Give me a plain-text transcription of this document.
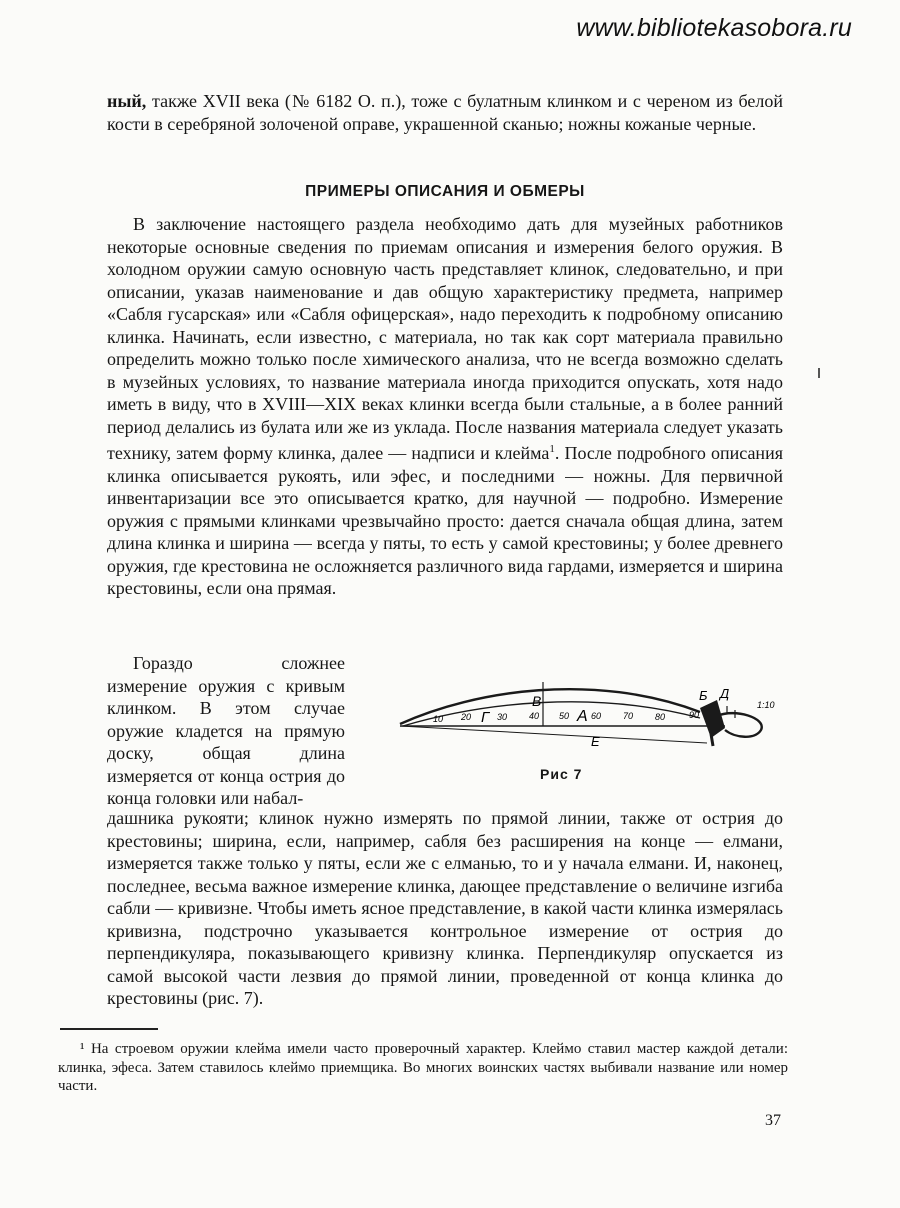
www.bibliotekasobora.ru

ный, также XVII века (№ 6182 О. п.), тоже с булатным клинком и с череном из белой кости в серебряной золоченой оправе, украшенной сканью; ножны кожаные черные.

ПРИМЕРЫ ОПИСАНИЯ И ОБМЕРЫ

В заключение настоящего раздела необходимо дать для музейных работников некоторые основные сведения по приемам описания и измерения белого оружия. В холодном оружии самую основную часть представляет клинок, следовательно, и при описании, указав наименование и дав общую характеристику предмета, например «Сабля гусарская» или «Сабля офицерская», надо переходить к подробному описанию клинка. Начинать, если известно, с материала, но так как сорт материала правильно определить можно только после химического анализа, что не всегда возможно сделать в музейных условиях, то название материала иногда приходится опускать, хотя надо иметь в виду, что в XVIII—XIX веках клинки всегда были стальные, а в более ранний период делались из булата или же из уклада. После названия материала следует указать технику, затем форму клинка, далее — надписи и клейма$^1$. После подробного описания клинка описывается рукоять, или эфес, и последними — ножны. Для первичной инвентаризации все это описывается кратко, для научной — подробно. Измерение оружия с прямыми клинками чрезвычайно просто: дается сначала общая длина, затем длина клинка и ширина — всегда у пяты, то есть у самой крестовины; у более древнего оружия, где крестовина не осложняется различного вида гардами, измеряется и ширина крестовины, если она прямая.

Гораздо сложнее измерение оружия с кривым клинком. В этом случае оружие кладется на прямую доску, общая длина измеряется от конца острия до конца головки или набал-

10 20	30 40 50 60 70 80	90
Г
В
А
Е
Б Д
1:10
Рис 7

дашника рукояти; клинок нужно измерять по прямой линии, также от острия до крестовины; ширина, если, например, сабля без расширения на конце — елмани, измеряется также только у пяты, если же с елманью, то и у начала елмани. И, наконец, последнее, весьма важное измерение клинка, дающее представление о величине изгиба сабли — кривизне. Чтобы иметь ясное представление, в какой части клинка измерялась кривизна, подстрочно указывается контрольное измерение от острия до перпендикуляра, показывающего кривизну клинка. Перпендикуляр опускается из самой высокой части лезвия до прямой линии, проведенной от конца клинка до крестовины (рис. 7).

¹ На строевом оружии клейма имели часто проверочный характер. Клеймо ставил мастер каждой детали: клинка, эфеса. Затем ставилось клеймо приемщика. Во многих воинских частях выбивали название или номер части.

37
